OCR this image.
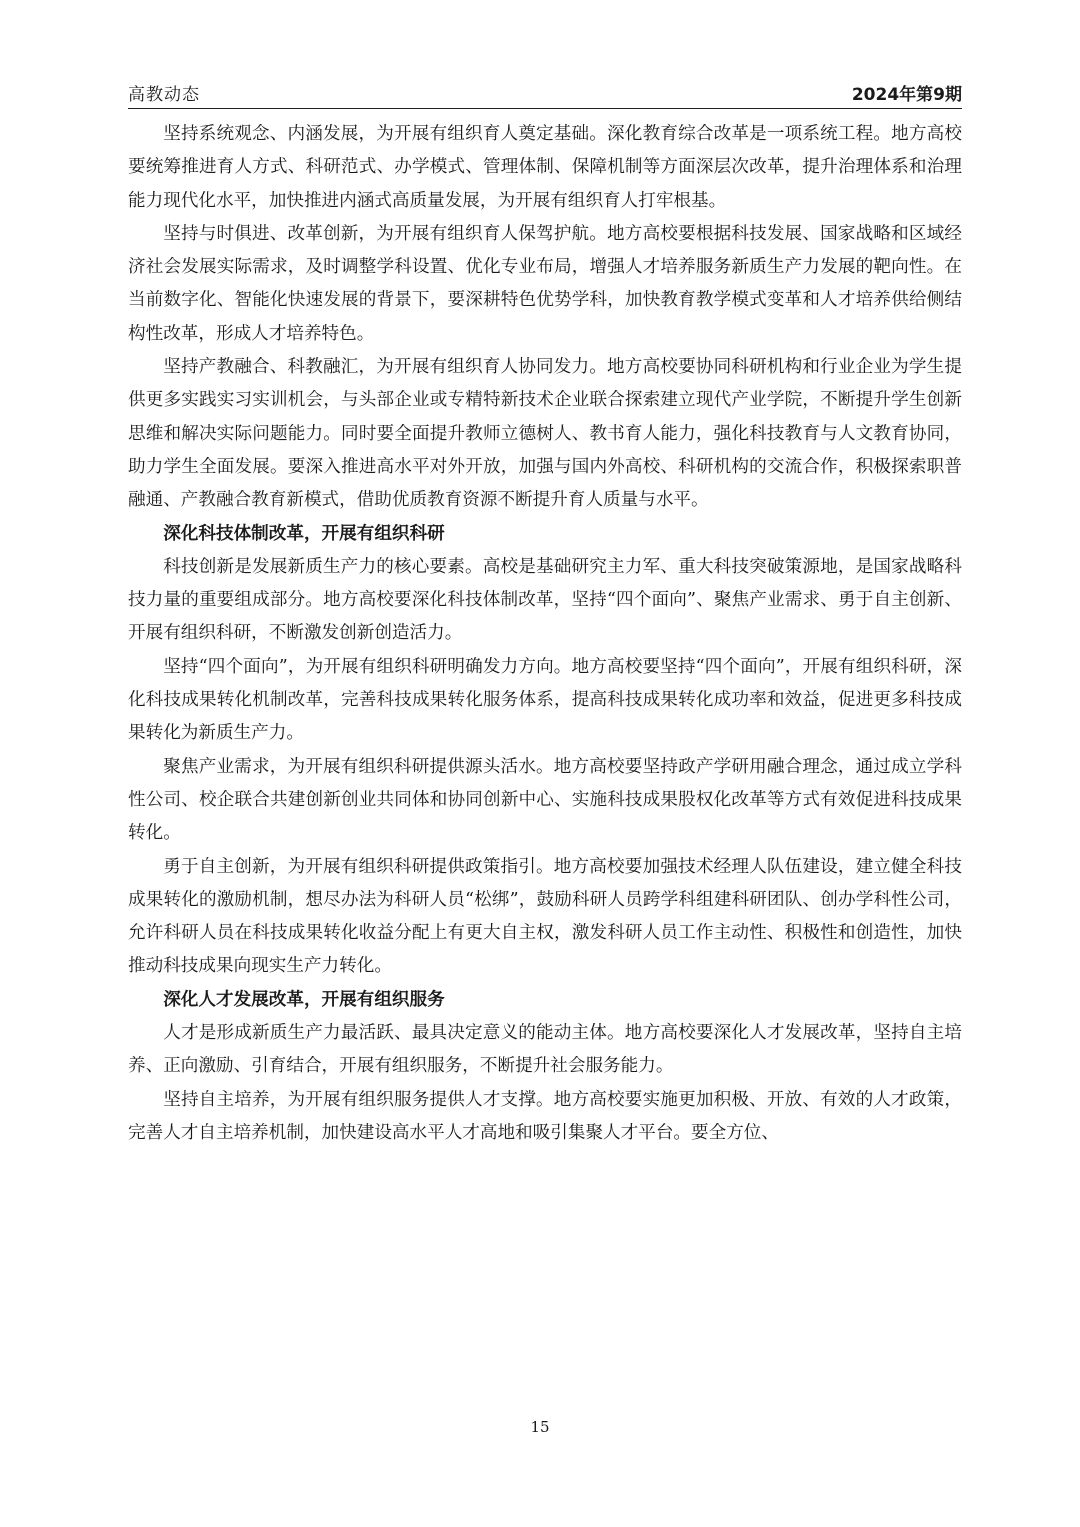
高教动态	2024年第9期

坚持系统观念、内涵发展，为开展有组织育人奠定基础。深化教育综合改革是一项系统工程。地方高校要统筹推进育人方式、科研范式、办学模式、管理体制、保障机制等方面深层次改革，提升治理体系和治理能力现代化水平，加快推进内涵式高质量发展，为开展有组织育人打牢根基。

坚持与时俱进、改革创新，为开展有组织育人保驾护航。地方高校要根据科技发展、国家战略和区域经济社会发展实际需求，及时调整学科设置、优化专业布局，增强人才培养服务新质生产力发展的靶向性。在当前数字化、智能化快速发展的背景下，要深耕特色优势学科，加快教育教学模式变革和人才培养供给侧结构性改革，形成人才培养特色。

坚持产教融合、科教融汇，为开展有组织育人协同发力。地方高校要协同科研机构和行业企业为学生提供更多实践实习实训机会，与头部企业或专精特新技术企业联合探索建立现代产业学院，不断提升学生创新思维和解决实际问题能力。同时要全面提升教师立德树人、教书育人能力，强化科技教育与人文教育协同，助力学生全面发展。要深入推进高水平对外开放，加强与国内外高校、科研机构的交流合作，积极探索职普融通、产教融合教育新模式，借助优质教育资源不断提升育人质量与水平。

深化科技体制改革，开展有组织科研

科技创新是发展新质生产力的核心要素。高校是基础研究主力军、重大科技突破策源地，是国家战略科技力量的重要组成部分。地方高校要深化科技体制改革，坚持“四个面向”、聚焦产业需求、勇于自主创新、开展有组织科研，不断激发创新创造活力。

坚持“四个面向”，为开展有组织科研明确发力方向。地方高校要坚持“四个面向”，开展有组织科研，深化科技成果转化机制改革，完善科技成果转化服务体系，提高科技成果转化成功率和效益，促进更多科技成果转化为新质生产力。

聚焦产业需求，为开展有组织科研提供源头活水。地方高校要坚持政产学研用融合理念，通过成立学科性公司、校企联合共建创新创业共同体和协同创新中心、实施科技成果股权化改革等方式有效促进科技成果转化。

勇于自主创新，为开展有组织科研提供政策指引。地方高校要加强技术经理人队伍建设，建立健全科技成果转化的激励机制，想尽办法为科研人员“松绑”，鼓励科研人员跨学科组建科研团队、创办学科性公司，允许科研人员在科技成果转化收益分配上有更大自主权，激发科研人员工作主动性、积极性和创造性，加快推动科技成果向现实生产力转化。

深化人才发展改革，开展有组织服务

人才是形成新质生产力最活跃、最具决定意义的能动主体。地方高校要深化人才发展改革，坚持自主培养、正向激励、引育结合，开展有组织服务，不断提升社会服务能力。

坚持自主培养，为开展有组织服务提供人才支撑。地方高校要实施更加积极、开放、有效的人才政策，完善人才自主培养机制，加快建设高水平人才高地和吸引集聚人才平台。要全方位、

15
